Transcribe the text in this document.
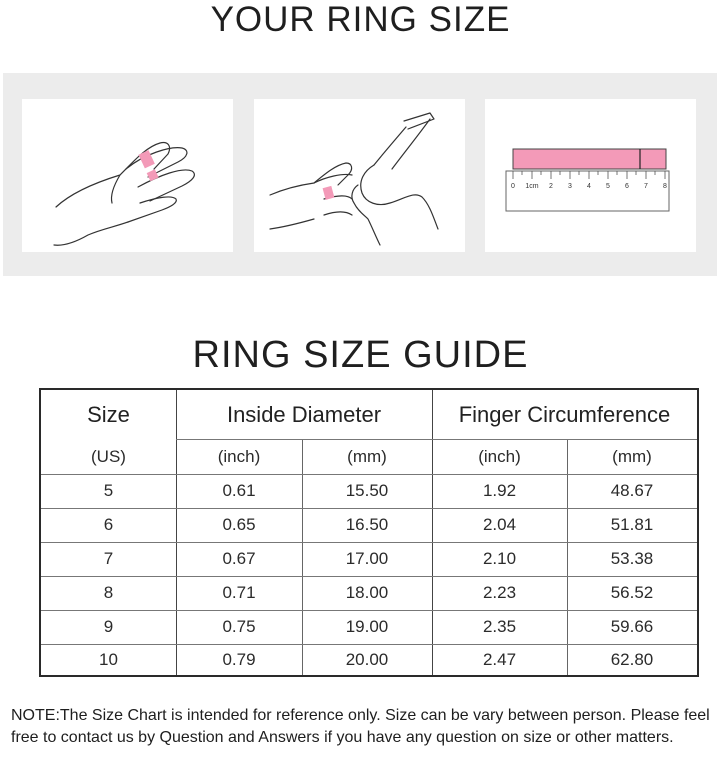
YOUR RING SIZE
0 1cm 2 3 4 5 6 7 8
RING SIZE GUIDE
Size	Inside Diameter	Finger Circumference
(US)	(inch)	(mm)	(inch)	(mm)
5	0.61	15.50	1.92	48.67
6	0.65	16.50	2.04	51.81
7	0.67	17.00	2.10	53.38
8	0.71	18.00	2.23	56.52
9	0.75	19.00	2.35	59.66
10	0.79	20.00	2.47	62.80
NOTE:The Size Chart is intended for reference only. Size can be vary between person. Please feel free to contact us by Question and Answers if you have any question on size or other matters.
